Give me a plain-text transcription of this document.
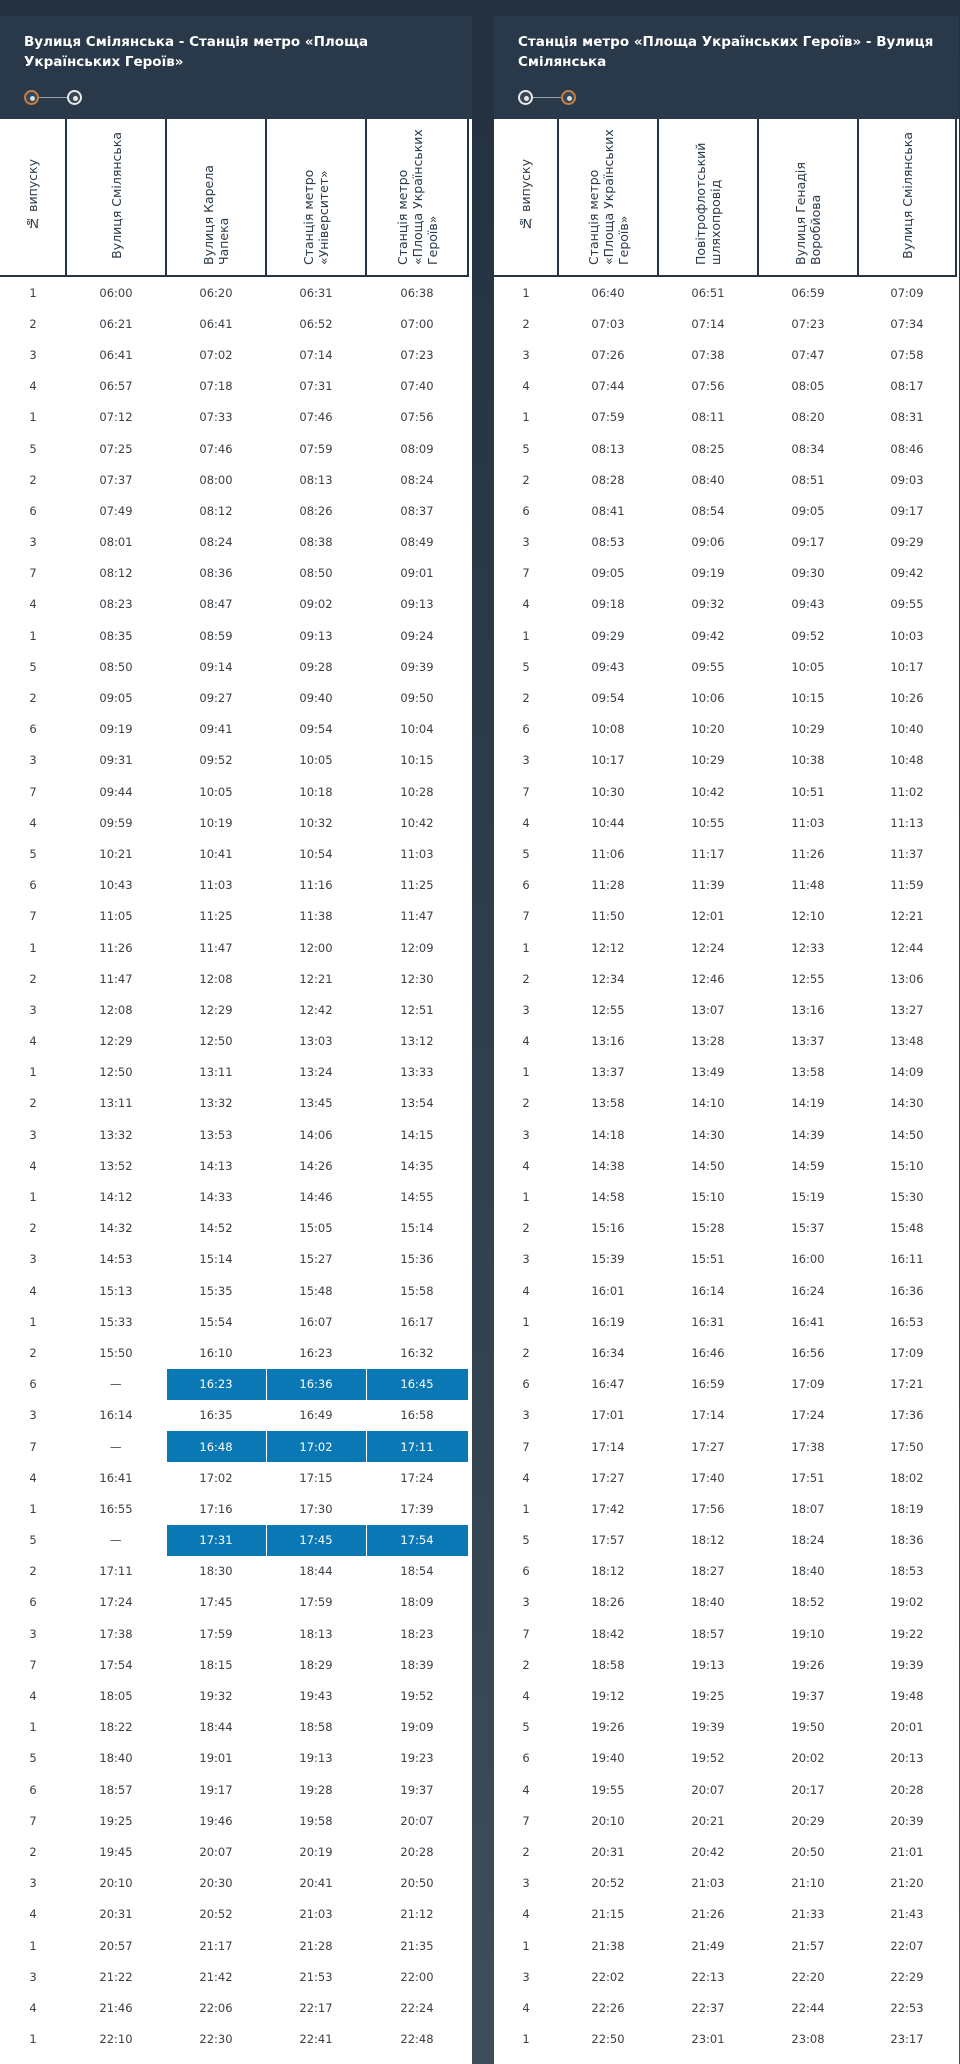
Вулиця Смілянська - Станція метро «Площа Українських Героїв»
№ випуску	Вулиця Смілянська	Вулиця Карела Чапека	Станція метро «Університет»	Станція метро «Площа Українських Героїв»
1	06:00	06:20	06:31	06:38
2	06:21	06:41	06:52	07:00
3	06:41	07:02	07:14	07:23
4	06:57	07:18	07:31	07:40
1	07:12	07:33	07:46	07:56
5	07:25	07:46	07:59	08:09
2	07:37	08:00	08:13	08:24
6	07:49	08:12	08:26	08:37
3	08:01	08:24	08:38	08:49
7	08:12	08:36	08:50	09:01
4	08:23	08:47	09:02	09:13
1	08:35	08:59	09:13	09:24
5	08:50	09:14	09:28	09:39
2	09:05	09:27	09:40	09:50
6	09:19	09:41	09:54	10:04
3	09:31	09:52	10:05	10:15
7	09:44	10:05	10:18	10:28
4	09:59	10:19	10:32	10:42
5	10:21	10:41	10:54	11:03
6	10:43	11:03	11:16	11:25
7	11:05	11:25	11:38	11:47
1	11:26	11:47	12:00	12:09
2	11:47	12:08	12:21	12:30
3	12:08	12:29	12:42	12:51
4	12:29	12:50	13:03	13:12
1	12:50	13:11	13:24	13:33
2	13:11	13:32	13:45	13:54
3	13:32	13:53	14:06	14:15
4	13:52	14:13	14:26	14:35
1	14:12	14:33	14:46	14:55
2	14:32	14:52	15:05	15:14
3	14:53	15:14	15:27	15:36
4	15:13	15:35	15:48	15:58
1	15:33	15:54	16:07	16:17
2	15:50	16:10	16:23	16:32
6	—	16:23	16:36	16:45
3	16:14	16:35	16:49	16:58
7	—	16:48	17:02	17:11
4	16:41	17:02	17:15	17:24
1	16:55	17:16	17:30	17:39
5	—	17:31	17:45	17:54
2	17:11	18:30	18:44	18:54
6	17:24	17:45	17:59	18:09
3	17:38	17:59	18:13	18:23
7	17:54	18:15	18:29	18:39
4	18:05	19:32	19:43	19:52
1	18:22	18:44	18:58	19:09
5	18:40	19:01	19:13	19:23
6	18:57	19:17	19:28	19:37
7	19:25	19:46	19:58	20:07
2	19:45	20:07	20:19	20:28
3	20:10	20:30	20:41	20:50
4	20:31	20:52	21:03	21:12
1	20:57	21:17	21:28	21:35
3	21:22	21:42	21:53	22:00
4	21:46	22:06	22:17	22:24
1	22:10	22:30	22:41	22:48
Станція метро «Площа Українських Героїв» - Вулиця Смілянська
№ випуску	Станція метро «Площа Українських Героїв»	Повітрофлотський шляхопровід	Вулиця Генадія Воробйова	Вулиця Смілянська
1	06:40	06:51	06:59	07:09
2	07:03	07:14	07:23	07:34
3	07:26	07:38	07:47	07:58
4	07:44	07:56	08:05	08:17
1	07:59	08:11	08:20	08:31
5	08:13	08:25	08:34	08:46
2	08:28	08:40	08:51	09:03
6	08:41	08:54	09:05	09:17
3	08:53	09:06	09:17	09:29
7	09:05	09:19	09:30	09:42
4	09:18	09:32	09:43	09:55
1	09:29	09:42	09:52	10:03
5	09:43	09:55	10:05	10:17
2	09:54	10:06	10:15	10:26
6	10:08	10:20	10:29	10:40
3	10:17	10:29	10:38	10:48
7	10:30	10:42	10:51	11:02
4	10:44	10:55	11:03	11:13
5	11:06	11:17	11:26	11:37
6	11:28	11:39	11:48	11:59
7	11:50	12:01	12:10	12:21
1	12:12	12:24	12:33	12:44
2	12:34	12:46	12:55	13:06
3	12:55	13:07	13:16	13:27
4	13:16	13:28	13:37	13:48
1	13:37	13:49	13:58	14:09
2	13:58	14:10	14:19	14:30
3	14:18	14:30	14:39	14:50
4	14:38	14:50	14:59	15:10
1	14:58	15:10	15:19	15:30
2	15:16	15:28	15:37	15:48
3	15:39	15:51	16:00	16:11
4	16:01	16:14	16:24	16:36
1	16:19	16:31	16:41	16:53
2	16:34	16:46	16:56	17:09
6	16:47	16:59	17:09	17:21
3	17:01	17:14	17:24	17:36
7	17:14	17:27	17:38	17:50
4	17:27	17:40	17:51	18:02
1	17:42	17:56	18:07	18:19
5	17:57	18:12	18:24	18:36
6	18:12	18:27	18:40	18:53
3	18:26	18:40	18:52	19:02
7	18:42	18:57	19:10	19:22
2	18:58	19:13	19:26	19:39
4	19:12	19:25	19:37	19:48
5	19:26	19:39	19:50	20:01
6	19:40	19:52	20:02	20:13
4	19:55	20:07	20:17	20:28
7	20:10	20:21	20:29	20:39
2	20:31	20:42	20:50	21:01
3	20:52	21:03	21:10	21:20
4	21:15	21:26	21:33	21:43
1	21:38	21:49	21:57	22:07
3	22:02	22:13	22:20	22:29
4	22:26	22:37	22:44	22:53
1	22:50	23:01	23:08	23:17
